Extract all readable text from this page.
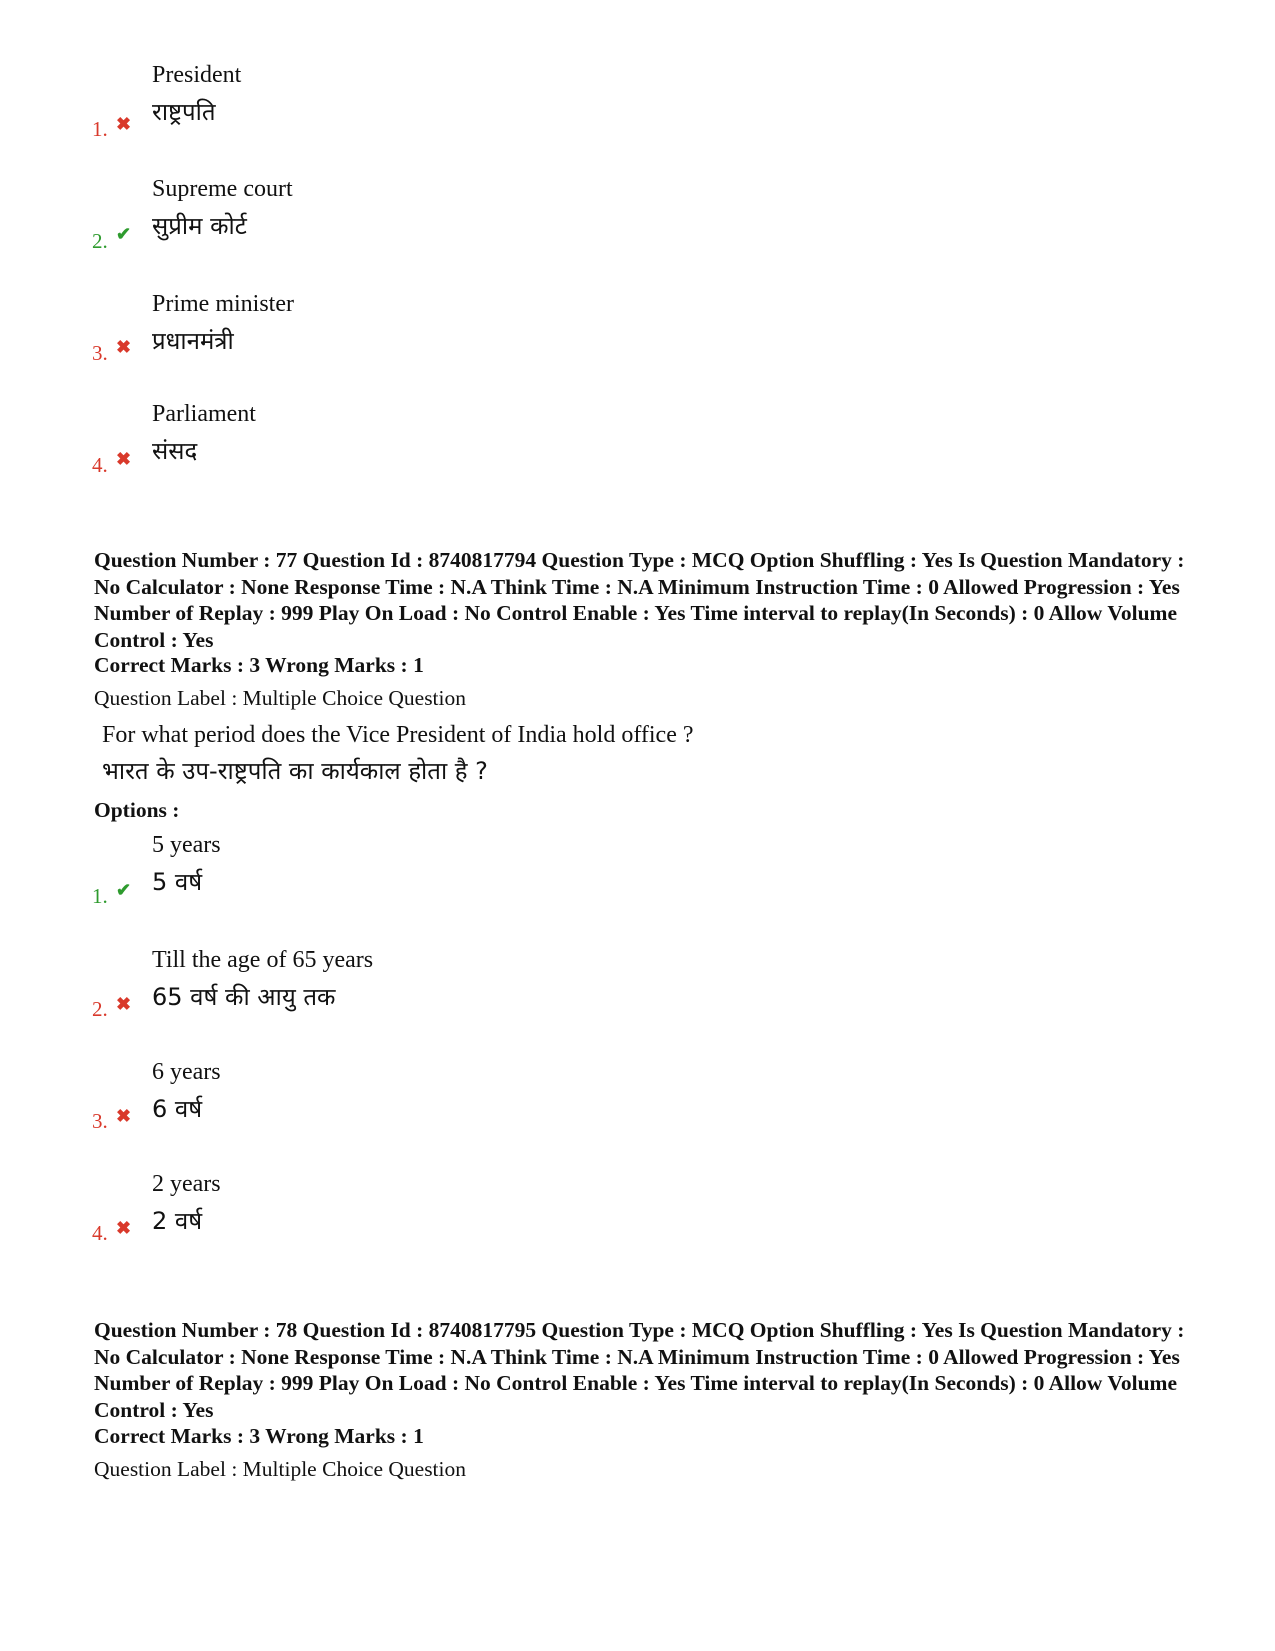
1. ✖
President
राष्ट्रपति
2. ✔
Supreme court
सुप्रीम कोर्ट
3. ✖
Prime minister
प्रधानमंत्री
4. ✖
Parliament
संसद
Question Number : 77 Question Id : 8740817794 Question Type : MCQ Option Shuffling : Yes Is Question Mandatory : No Calculator : None Response Time : N.A Think Time : N.A Minimum Instruction Time : 0 Allowed Progression : Yes Number of Replay : 999 Play On Load : No Control Enable : Yes Time interval to replay(In Seconds) : 0 Allow Volume Control : Yes
Correct Marks : 3 Wrong Marks : 1
Question Label : Multiple Choice Question
For what period does the Vice President of India hold office ?
भारत के उप-राष्ट्रपति का कार्यकाल होता है ?
Options :
1. ✔
5 years
5 वर्ष
2. ✖
Till the age of 65 years
65 वर्ष की आयु तक
3. ✖
6 years
6 वर्ष
4. ✖
2 years
2 वर्ष
Question Number : 78 Question Id : 8740817795 Question Type : MCQ Option Shuffling : Yes Is Question Mandatory : No Calculator : None Response Time : N.A Think Time : N.A Minimum Instruction Time : 0 Allowed Progression : Yes Number of Replay : 999 Play On Load : No Control Enable : Yes Time interval to replay(In Seconds) : 0 Allow Volume Control : Yes
Correct Marks : 3 Wrong Marks : 1
Question Label : Multiple Choice Question
